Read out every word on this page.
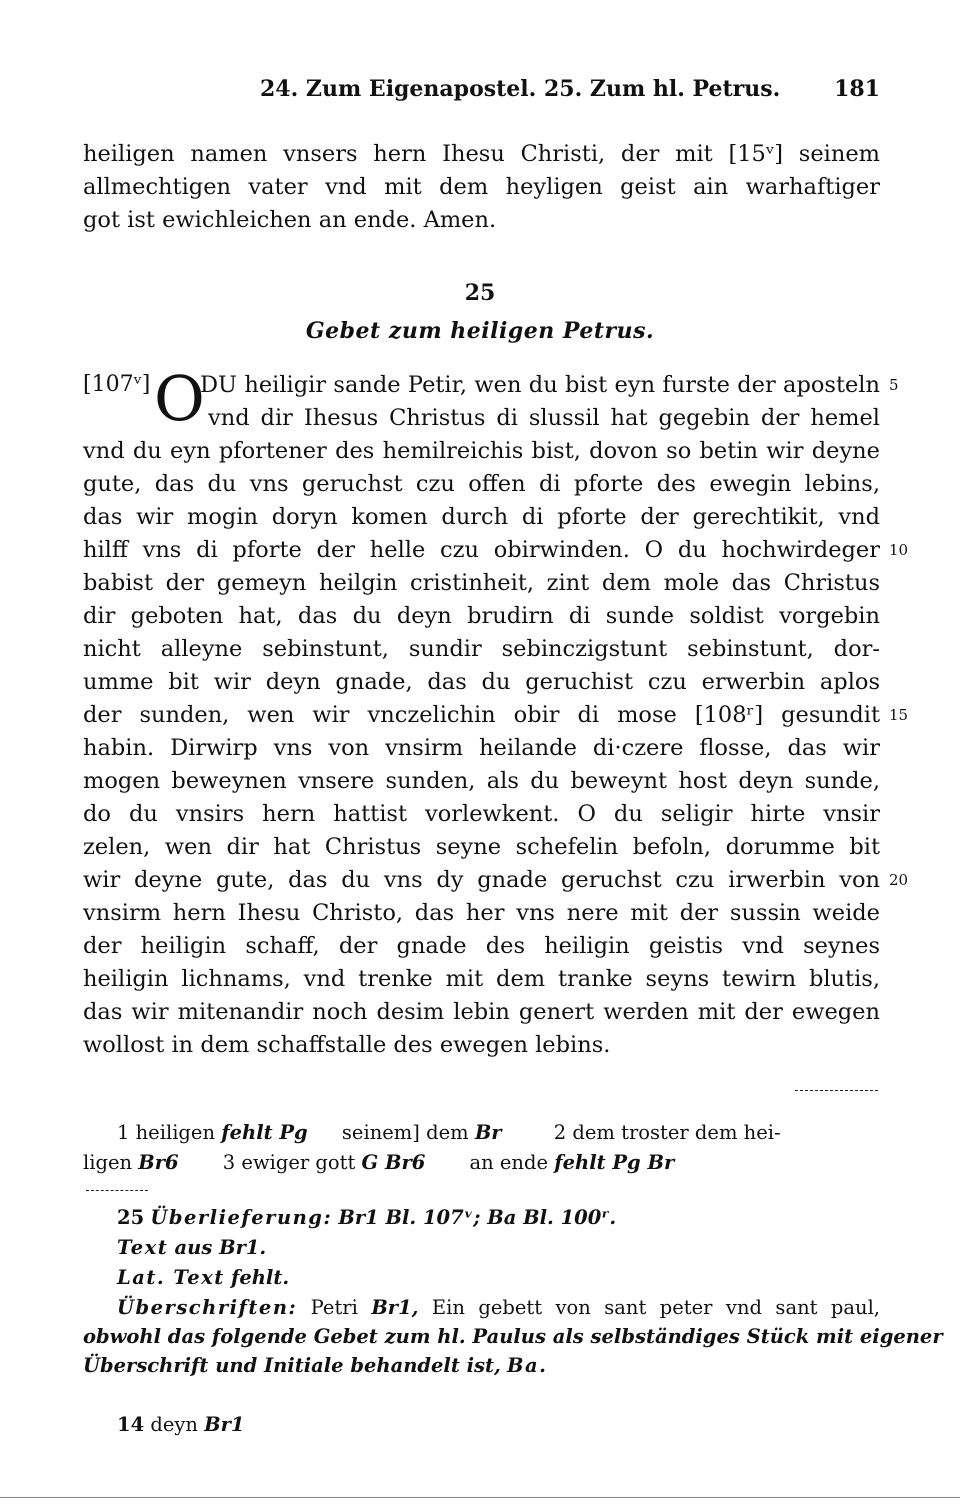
24. Zum Eigenapostel. 25. Zum hl. Petrus. 181
heiligen namen vnsers hern Ihesu Christi, der mit [15ᵛ] seinem
allmechtigen vater vnd mit dem heyligen geist ain warhaftiger
got ist ewichleichen an ende. Amen.
25
Gebet zum heiligen Petrus.
[107ᵛ] O
DU heiligir sande Petir, wen du bist eyn furste der aposteln
vnd dir Ihesus Christus di slussil hat gegebin der hemel
vnd du eyn pfortener des hemilreichis bist, dovon so betin wir deyne
gute, das du vns geruchst czu offen di pforte des ewegin lebins,
das wir mogin doryn komen durch di pforte der gerechtikit, vnd
hilff vns di pforte der helle czu obirwinden. O du hochwirdeger
babist der gemeyn heilgin cristinheit, zint dem mole das Christus
dir geboten hat, das du deyn brudirn di sunde soldist vorgebin
nicht alleyne sebinstunt, sundir sebinczigstunt sebinstunt, dor-
umme bit wir deyn gnade, das du geruchist czu erwerbin aplos
der sunden, wen wir vnczelichin obir di mose [108ʳ] gesundit
habin. Dirwirp vns von vnsirm heilande di·czere flosse, das wir
mogen beweynen vnsere sunden, als du beweynt host deyn sunde,
do du vnsirs hern hattist vorlewkent. O du seligir hirte vnsir
zelen, wen dir hat Christus seyne schefelin befoln, dorumme bit
wir deyne gute, das du vns dy gnade geruchst czu irwerbin von
vnsirm hern Ihesu Christo, das her vns nere mit der sussin weide
der heiligin schaff, der gnade des heiligin geistis vnd seynes
heiligin lichnams, vnd trenke mit dem tranke seyns tewirn blutis,
das wir mitenandir noch desim lebin genert werden mit der ewegen
wollost in dem schaffstalle des ewegen lebins.
5
10
15
20
1 heiligen fehlt Pg seinem] dem Br	2 dem troster dem hei-
ligen Br6 3 ewiger gott G Br6 an ende fehlt Pg Br
25 Überlieferung: Br1 Bl. 107ᵛ; Ba Bl. 100ʳ.
Text aus Br1.
Lat. Text fehlt.
Überschriften: Petri Br1, Ein gebett von sant peter vnd sant paul,
obwohl das folgende Gebet zum hl. Paulus als selbständiges Stück mit eigener
Überschrift und Initiale behandelt ist, Ba.
14 deyn Br1
